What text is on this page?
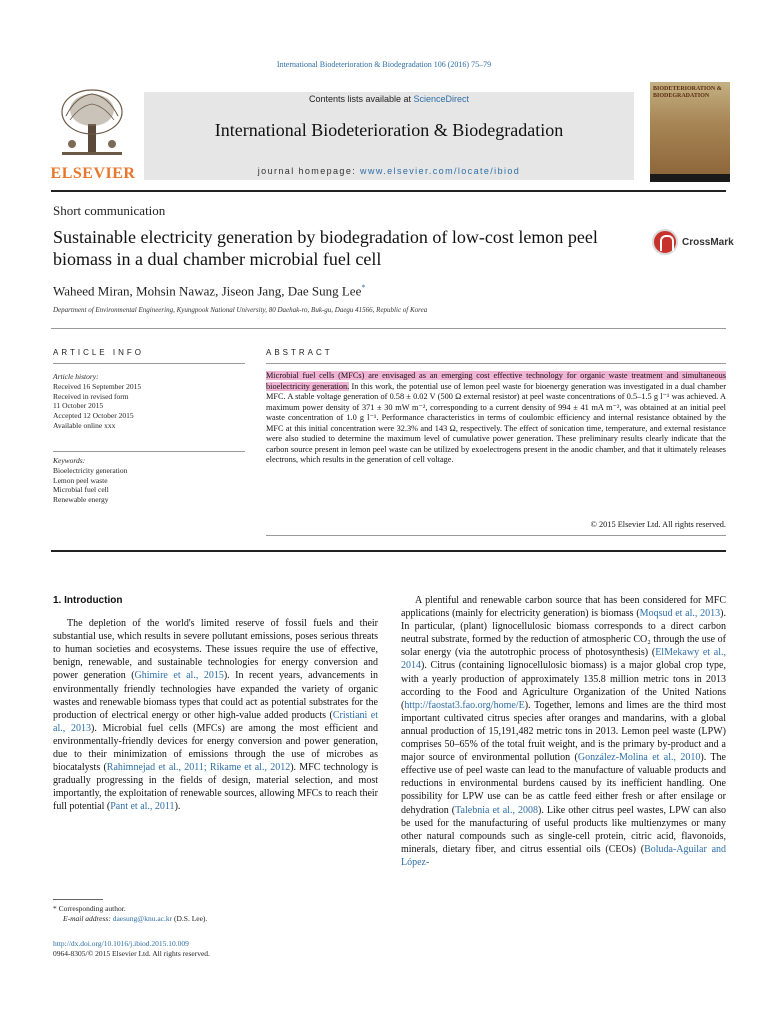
International Biodeterioration & Biodegradation 106 (2016) 75–79
ELSEVIER
Contents lists available at ScienceDirect
International Biodeterioration & Biodegradation
journal homepage: www.elsevier.com/locate/ibiod
BIODETERIORATION & BIODEGRADATION
Short communication
Sustainable electricity generation by biodegradation of low-cost lemon peel biomass in a dual chamber microbial fuel cell
CrossMark
Waheed Miran, Mohsin Nawaz, Jiseon Jang, Dae Sung Lee*
Department of Environmental Engineering, Kyungpook National University, 80 Daehak-ro, Buk-gu, Daegu 41566, Republic of Korea
ARTICLE INFO	ABSTRACT
Article history:
Received 16 September 2015
Received in revised form
11 October 2015
Accepted 12 October 2015
Available online xxx
Keywords:
Bioelectricity generation
Lemon peel waste
Microbial fuel cell
Renewable energy
Microbial fuel cells (MFCs) are envisaged as an emerging cost effective technology for organic waste treatment and simultaneous bioelectricity generation. In this work, the potential use of lemon peel waste for bioenergy generation was investigated in a dual chamber MFC. A stable voltage generation of 0.58 ± 0.02 V (500 Ω external resistor) at peel waste concentrations of 0.5–1.5 g l⁻¹ was achieved. A maximum power density of 371 ± 30 mW m⁻², corresponding to a current density of 994 ± 41 mA m⁻², was obtained at an initial peel waste concentration of 1.0 g l⁻¹. Performance characteristics in terms of coulombic efficiency and internal resistance obtained by the MFC at this initial concentration were 32.3% and 143 Ω, respectively. The effect of sonication time, temperature, and external resistance were also studied to determine the maximum level of cumulative power generation. These preliminary results clearly indicate that the carbon source present in lemon peel waste can be utilized by exoelectrogens present in the anodic chamber, and that it ultimately releases electrons, which results in the generation of cell voltage.
© 2015 Elsevier Ltd. All rights reserved.
1. Introduction

The depletion of the world's limited reserve of fossil fuels and their substantial use, which results in severe pollutant emissions, poses serious threats to human societies and ecosystems. These issues require the use of effective, benign, renewable, and sustainable technologies for energy conversion and power generation (Ghimire et al., 2015). In recent years, advancements in environmentally friendly technologies have expanded the variety of organic wastes and renewable biomass types that could act as potential substrates for the production of electrical energy or other high-value added products (Cristiani et al., 2013). Microbial fuel cells (MFCs) are among the most efficient and environmentally-friendly devices for energy conversion and power generation, due to their minimization of emissions through the use of microbes as biocatalysts (Rahimnejad et al., 2011; Rikame et al., 2012). MFC technology is gradually progressing in the fields of design, material selection, and most importantly, the exploitation of renewable sources, allowing MFCs to reach their full potential (Pant et al., 2011).

A plentiful and renewable carbon source that has been considered for MFC applications (mainly for electricity generation) is biomass (Moqsud et al., 2013). In particular, (plant) lignocellulosic biomass corresponds to a direct carbon neutral substrate, formed by the reduction of atmospheric CO₂ through the use of solar energy (via the autotrophic process of photosynthesis) (ElMekawy et al., 2014). Citrus (containing lignocellulosic biomass) is a major global crop type, with a yearly production of approximately 135.8 million metric tons in 2013 according to the Food and Agriculture Organization of the United Nations (http://faostat3.fao.org/home/E). Together, lemons and limes are the third most important cultivated citrus species after oranges and mandarins, with a global annual production of 15,191,482 metric tons in 2013. Lemon peel waste (LPW) comprises 50–65% of the total fruit weight, and is the primary by-product and a major source of environmental pollution (González-Molina et al., 2010). The effective use of peel waste can lead to the manufacture of valuable products and reductions in environmental burdens caused by its inefficient handling. One possibility for LPW use can be as cattle feed either fresh or after ensilage or dehydration (Talebnia et al., 2008). Like other citrus peel wastes, LPW can also be used for the manufacturing of useful products like multienzymes or many other natural compounds such as single-cell protein, citric acid, flavonoids, minerals, dietary fiber, and citrus essential oils (CEOs) (Boluda-Aguilar and López-

* Corresponding author.
E-mail address: daesung@knu.ac.kr (D.S. Lee).
http://dx.doi.org/10.1016/j.ibiod.2015.10.009
0964-8305/© 2015 Elsevier Ltd. All rights reserved.
